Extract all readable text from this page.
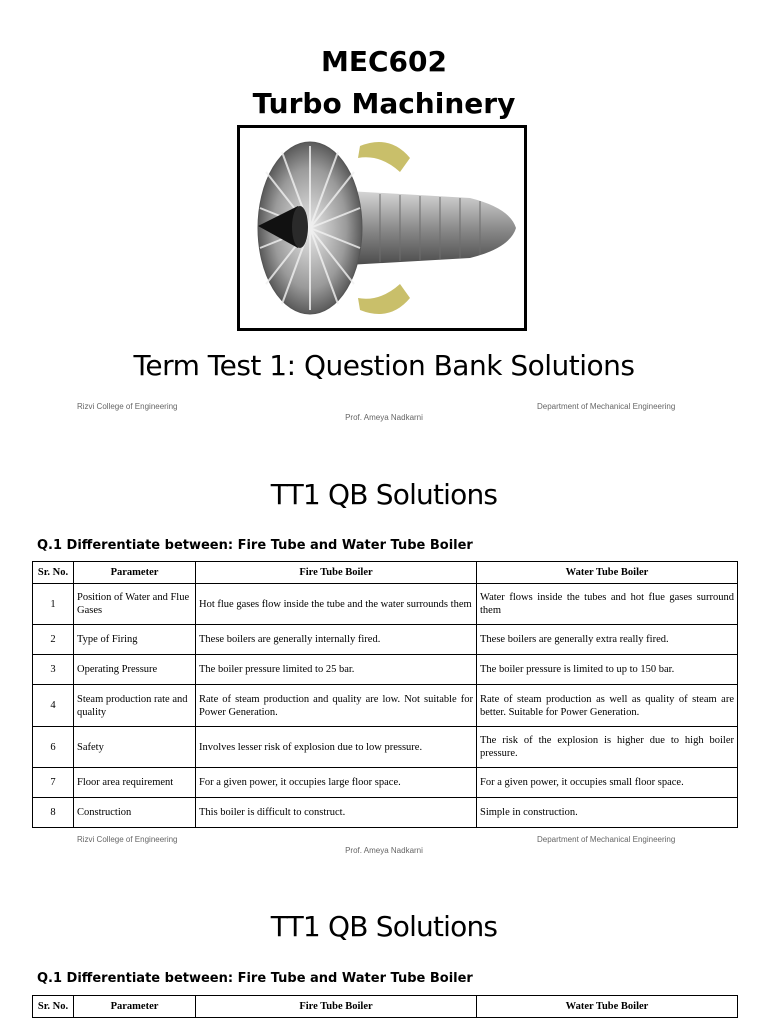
MEC602
Turbo Machinery
Term Test 1: Question Bank Solutions
Rizvi College of Engineering	Department of Mechanical Engineering
Prof. Ameya Nadkarni
TT1 QB Solutions
Q.1 Differentiate between: Fire Tube and Water Tube Boiler
Sr. No.	Parameter	Fire Tube Boiler	Water Tube Boiler
1	Position of Water and Flue Gases	Hot flue gases flow inside the tube and the water surrounds them	Water flows inside the tubes and hot flue gases surround them
2	Type of Firing	These boilers are generally internally fired.	These boilers are generally extra really fired.
3	Operating Pressure	The boiler pressure limited to 25 bar.	The boiler pressure is limited to up to 150 bar.
4	Steam production rate and quality	Rate of steam production and quality are low. Not suitable for Power Generation.	Rate of steam production as well as quality of steam are better. Suitable for Power Generation.
6	Safety	Involves lesser risk of explosion due to low pressure.	The risk of the explosion is higher due to high boiler pressure.
7	Floor area requirement	For a given power, it occupies large floor space.	For a given power, it occupies small floor space.
8	Construction	This boiler is difficult to construct.	Simple in construction.
Rizvi College of Engineering	Department of Mechanical Engineering
Prof. Ameya Nadkarni
TT1 QB Solutions
Q.1 Differentiate between: Fire Tube and Water Tube Boiler
Sr. No.	Parameter	Fire Tube Boiler	Water Tube Boiler
